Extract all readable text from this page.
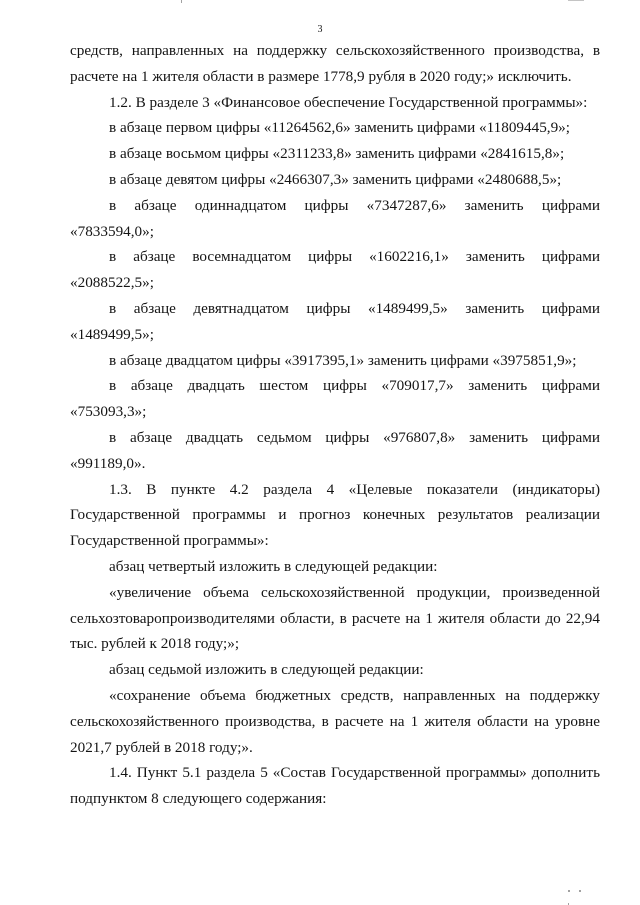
3

средств, направленных на поддержку сельскохозяйственного производства, в расчете на 1 жителя области в размере 1778,9 рубля в 2020 году;» исключить.

1.2. В разделе 3 «Финансовое обеспечение Государственной программы»:

в абзаце первом цифры «11264562,6» заменить цифрами «11809445,9»;

в абзаце восьмом цифры «2311233,8» заменить цифрами «2841615,8»;

в абзаце девятом цифры «2466307,3» заменить цифрами «2480688,5»;

в абзаце одиннадцатом цифры «7347287,6» заменить цифрами «7833594,0»;

в абзаце восемнадцатом цифры «1602216,1» заменить цифрами «2088522,5»;

в абзаце девятнадцатом цифры «1489499,5» заменить цифрами «1489499,5»;

в абзаце двадцатом цифры «3917395,1» заменить цифрами «3975851,9»;

в абзаце двадцать шестом цифры «709017,7» заменить цифрами «753093,3»;

в абзаце двадцать седьмом цифры «976807,8» заменить цифрами «991189,0».

1.3. В пункте 4.2 раздела 4 «Целевые показатели (индикаторы) Государственной программы и прогноз конечных результатов реализации Государственной программы»:

абзац четвертый изложить в следующей редакции:

«увеличение объема сельскохозяйственной продукции, произведенной сельхозтоваропроизводителями области, в расчете на 1 жителя области до 22,94 тыс. рублей к 2018 году;»;

абзац седьмой изложить в следующей редакции:

«сохранение объема бюджетных средств, направленных на поддержку сельскохозяйственного производства, в расчете на 1 жителя области на уровне 2021,7 рублей в 2018 году;».

1.4. Пункт 5.1 раздела 5 «Состав Государственной программы» дополнить подпунктом 8 следующего содержания:
